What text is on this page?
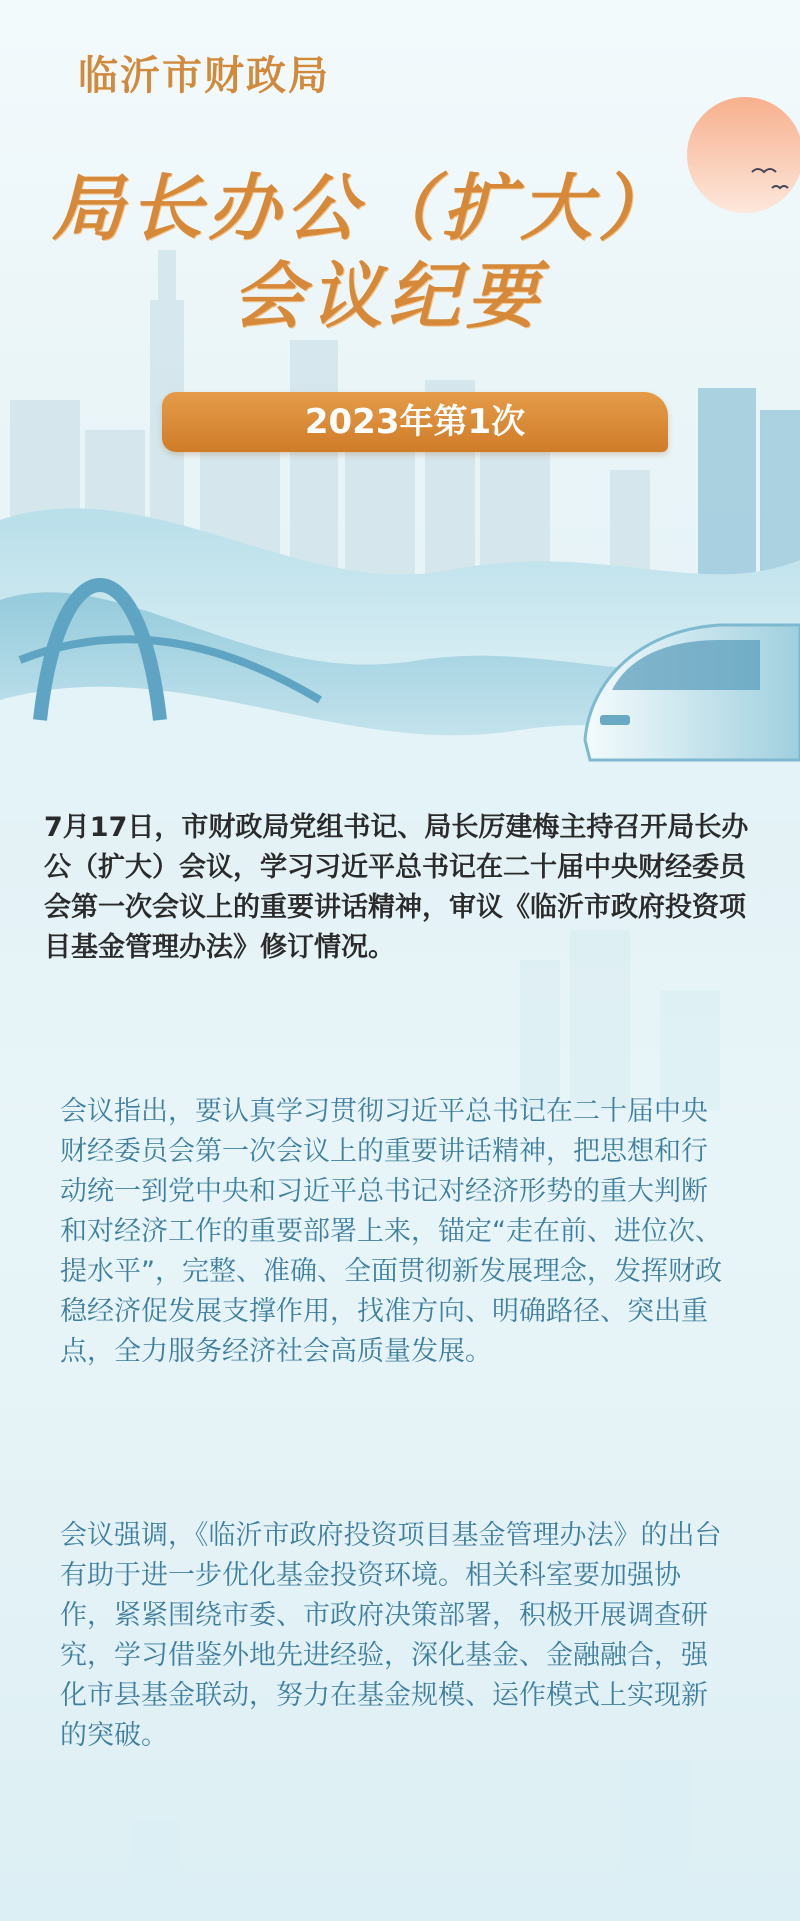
临沂市财政局
局长办公（扩大）
会议纪要
2023年第1次

7月17日，市财政局党组书记、局长厉建梅主持召开局长办公（扩大）会议，学习习近平总书记在二十届中央财经委员会第一次会议上的重要讲话精神，审议《临沂市政府投资项目基金管理办法》修订情况。

会议指出，要认真学习贯彻习近平总书记在二十届中央财经委员会第一次会议上的重要讲话精神，把思想和行动统一到党中央和习近平总书记对经济形势的重大判断和对经济工作的重要部署上来，锚定“走在前、进位次、提水平”，完整、准确、全面贯彻新发展理念，发挥财政稳经济促发展支撑作用，找准方向、明确路径、突出重点，全力服务经济社会高质量发展。

会议强调，《临沂市政府投资项目基金管理办法》的出台有助于进一步优化基金投资环境。相关科室要加强协作，紧紧围绕市委、市政府决策部署，积极开展调查研究，学习借鉴外地先进经验，深化基金、金融融合，强化市县基金联动，努力在基金规模、运作模式上实现新的突破。
